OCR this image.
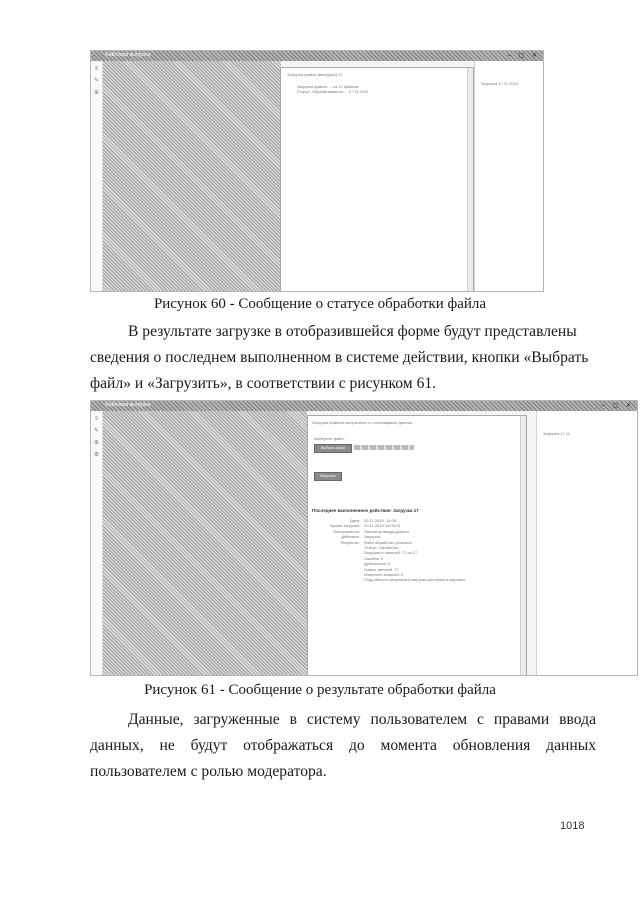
Файловая выгрузка	– ▢ ✕
≡
✎
⊕
Загрузка файла (выгрузка) 17
Загрузка файла: ... из 17 файлов
Статус: Обрабатывается ... 17.11.2019
Загрузка 17.11.2019
Рисунок 60 - Сообщение о статусе обработки файла
В результате загрузке в отобразившейся форме будут представлены сведения о последнем выполненном в системе действии, кнопки «Выбрать файл» и «Загрузить», в соответствии с рисунком 61.
Файловая выгрузка	– ▢ ✕
≡
✎
⊕
⚙
Загрузка файлов полученных от поставщиков данных
Выберите файл:
Выбрать файл
Загрузить
Последнее выполненное действие: Загрузка 17
Дата: 20.11.2019, 14:05
Время загрузки: 20.11.2019 14:05:23
Пользователь: Оператор ввода данных
Действие: Загрузка
Результат: Файл обработан успешно
Статус: обработан
Загружено записей: 17 из 17
Ошибок: 0
Дубликатов: 0
Новых записей: 17
Изменено записей: 0
Подробности результата загрузки доступны в журнале
Загрузка 17.11
Рисунок 61 - Сообщение о результате обработки файла
Данные, загруженные в систему пользователем с правами ввода данных, не будут отображаться до момента обновления данных пользователем с ролью модератора.
1018
